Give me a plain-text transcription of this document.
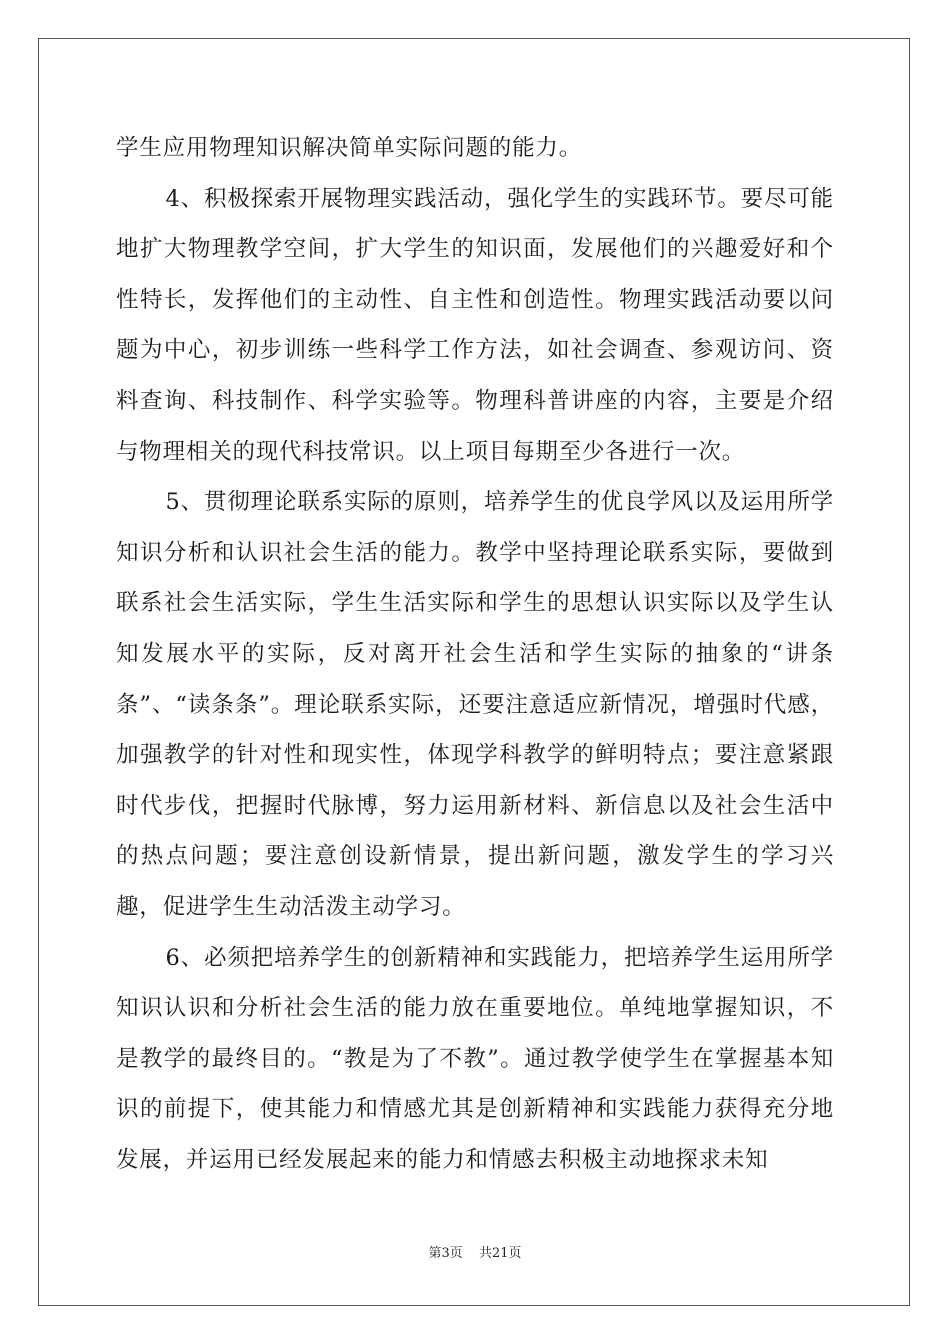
学生应用物理知识解决简单实际问题的能力。

4、积极探索开展物理实践活动，强化学生的实践环节。要尽可能地扩大物理教学空间，扩大学生的知识面，发展他们的兴趣爱好和个性特长，发挥他们的主动性、自主性和创造性。物理实践活动要以问题为中心，初步训练一些科学工作方法，如社会调查、参观访问、资料查询、科技制作、科学实验等。物理科普讲座的内容，主要是介绍与物理相关的现代科技常识。以上项目每期至少各进行一次。

5、贯彻理论联系实际的原则，培养学生的优良学风以及运用所学知识分析和认识社会生活的能力。教学中坚持理论联系实际，要做到联系社会生活实际，学生生活实际和学生的思想认识实际以及学生认知发展水平的实际，反对离开社会生活和学生实际的抽象的“讲条条”、“读条条”。理论联系实际，还要注意适应新情况，增强时代感，加强教学的针对性和现实性，体现学科教学的鲜明特点；要注意紧跟时代步伐，把握时代脉博，努力运用新材料、新信息以及社会生活中的热点问题；要注意创设新情景，提出新问题，激发学生的学习兴趣，促进学生生动活泼主动学习。

6、必须把培养学生的创新精神和实践能力，把培养学生运用所学知识认识和分析社会生活的能力放在重要地位。单纯地掌握知识，不是教学的最终目的。“教是为了不教”。通过教学使学生在掌握基本知识的前提下，使其能力和情感尤其是创新精神和实践能力获得充分地发展，并运用已经发展起来的能力和情感去积极主动地探求未知

第3页 共21页
